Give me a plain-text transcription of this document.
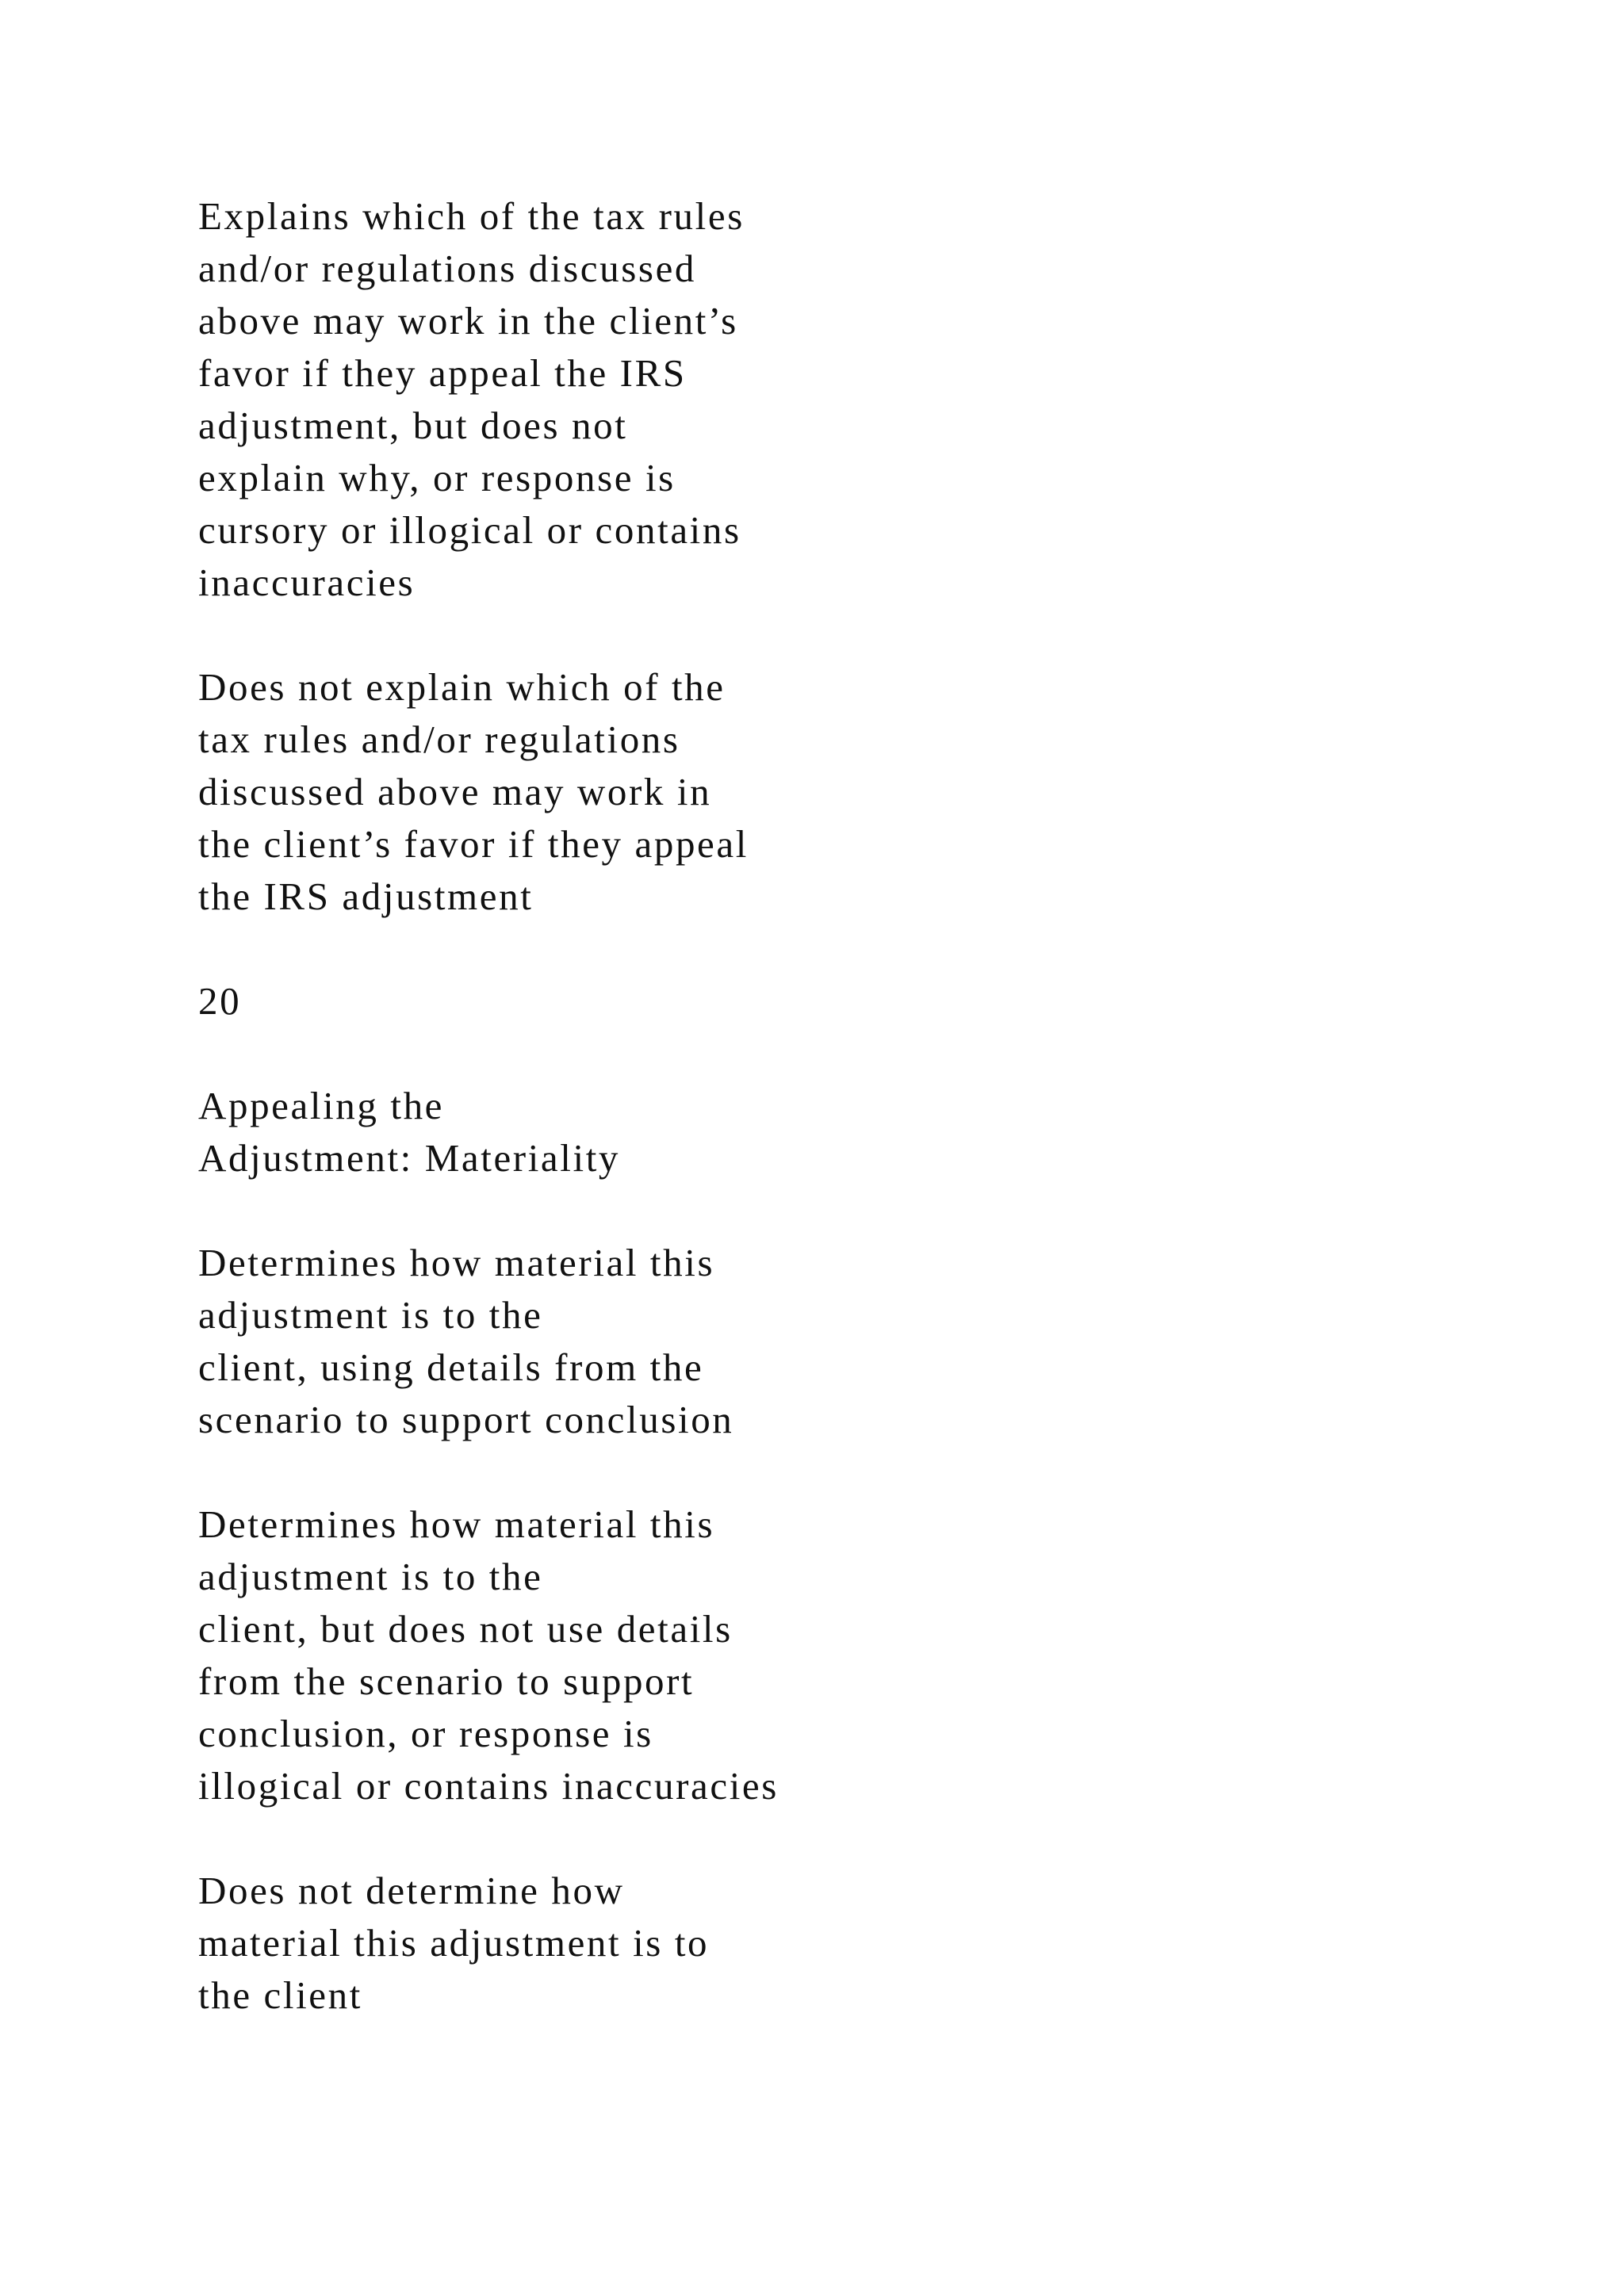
Explains which of the tax rules
and/or regulations discussed
above may work in the client’s
favor if they appeal the IRS
adjustment, but does not
explain why, or response is
cursory or illogical or contains
inaccuracies

Does not explain which of the
tax rules and/or regulations
discussed above may work in
the client’s favor if they appeal
the IRS adjustment

20

Appealing the
Adjustment: Materiality

Determines how material this
adjustment is to the
client, using details from the
scenario to support conclusion

Determines how material this
adjustment is to the
client, but does not use details
from the scenario to support
conclusion, or response is
illogical or contains inaccuracies

Does not determine how
material this adjustment is to
the client
